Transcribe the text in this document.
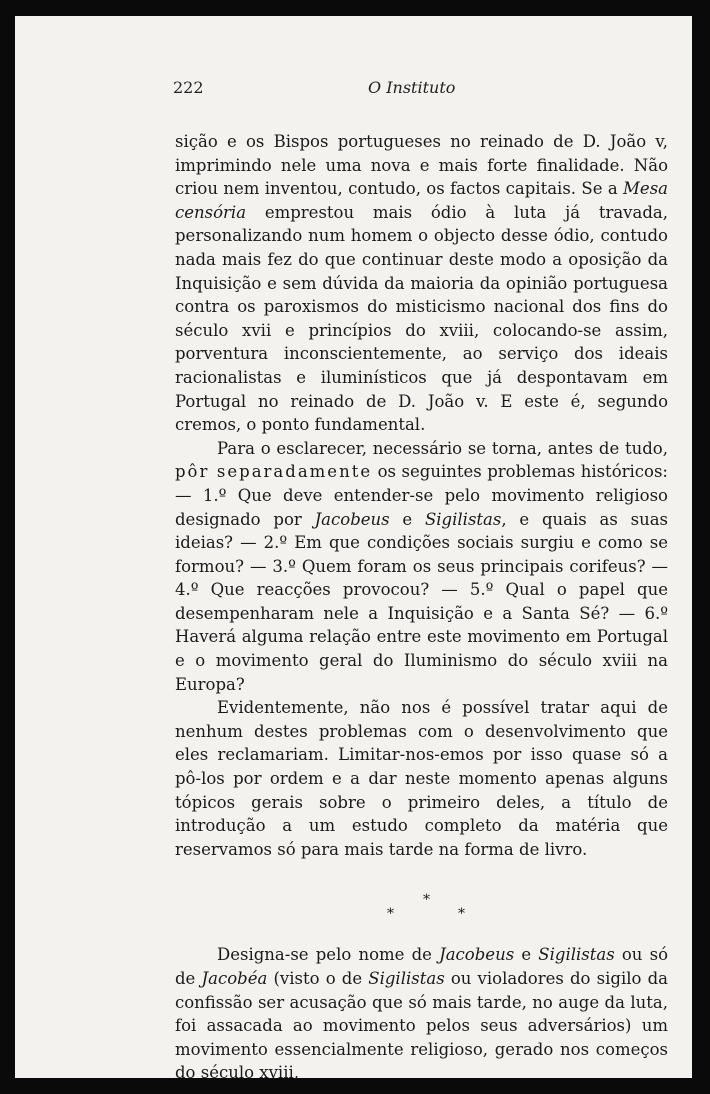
222	O Instituto

sição e os Bispos portugueses no reinado de D. João v, imprimindo nele uma nova e mais forte finalidade. Não criou nem inventou, contudo, os factos capitais. Se a Mesa censória emprestou mais ódio à luta já travada, personalizando num homem o objecto desse ódio, contudo nada mais fez do que continuar deste modo a oposição da Inquisição e sem dúvida da maioria da opinião portuguesa contra os paroxismos do misticismo nacional dos fins do século xvii e princípios do xviii, colocando-se assim, porventura inconscientemente, ao serviço dos ideais racionalistas e iluminísticos que já despontavam em Portugal no reinado de D. João v. E este é, segundo cremos, o ponto fundamental.

Para o esclarecer, necessário se torna, antes de tudo, pôr separadamente os seguintes problemas históricos: — 1.º Que deve entender-se pelo movimento religioso designado por Jacobeus e Sigilistas, e quais as suas ideias? — 2.º Em que condições sociais surgiu e como se formou? — 3.º Quem foram os seus principais corifeus? — 4.º Que reacções provocou? — 5.º Qual o papel que desempenharam nele a Inquisição e a Santa Sé? — 6.º Haverá alguma relação entre este movimento em Portugal e o movimento geral do Iluminismo do século xviii na Europa?

Evidentemente, não nos é possível tratar aqui de nenhum destes problemas com o desenvolvimento que eles reclamariam. Limitar-nos-emos por isso quase só a pô-los por ordem e a dar neste momento apenas alguns tópicos gerais sobre o primeiro deles, a título de introdução a um estudo completo da matéria que reservamos só para mais tarde na forma de livro.

*
*
*

Designa-se pelo nome de Jacobeus e Sigilistas ou só de Jacobéa (visto o de Sigilistas ou violadores do sigilo da confissão ser acusação que só mais tarde, no auge da luta, foi assacada ao movimento pelos seus adversários) um movimento essencialmente religioso, gerado nos começos do século xviii,
